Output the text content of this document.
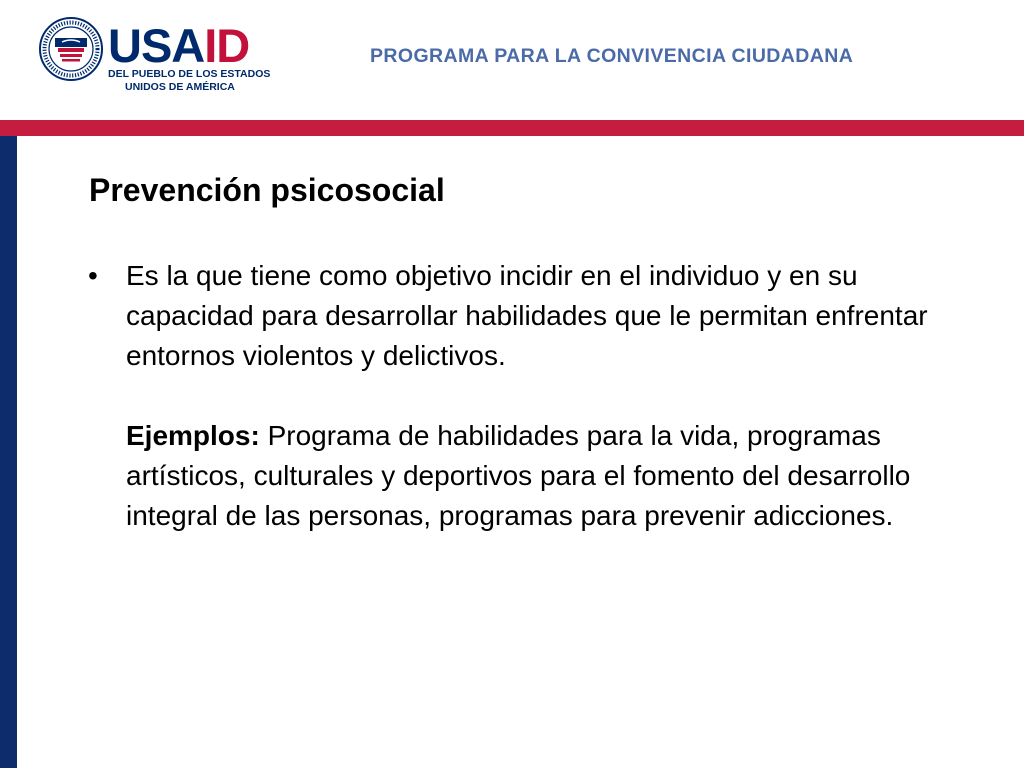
USAID
DEL PUEBLO DE LOS ESTADOS
UNIDOS DE AMÉRICA
PROGRAMA PARA LA CONVIVENCIA CIUDADANA
Prevención psicosocial
• Es la que tiene como objetivo incidir en el individuo y en su capacidad para desarrollar habilidades que le permitan enfrentar entornos violentos y delictivos.
Ejemplos: Programa de habilidades para la vida, programas artísticos, culturales y deportivos para el fomento del desarrollo integral de las personas, programas para prevenir adicciones.
